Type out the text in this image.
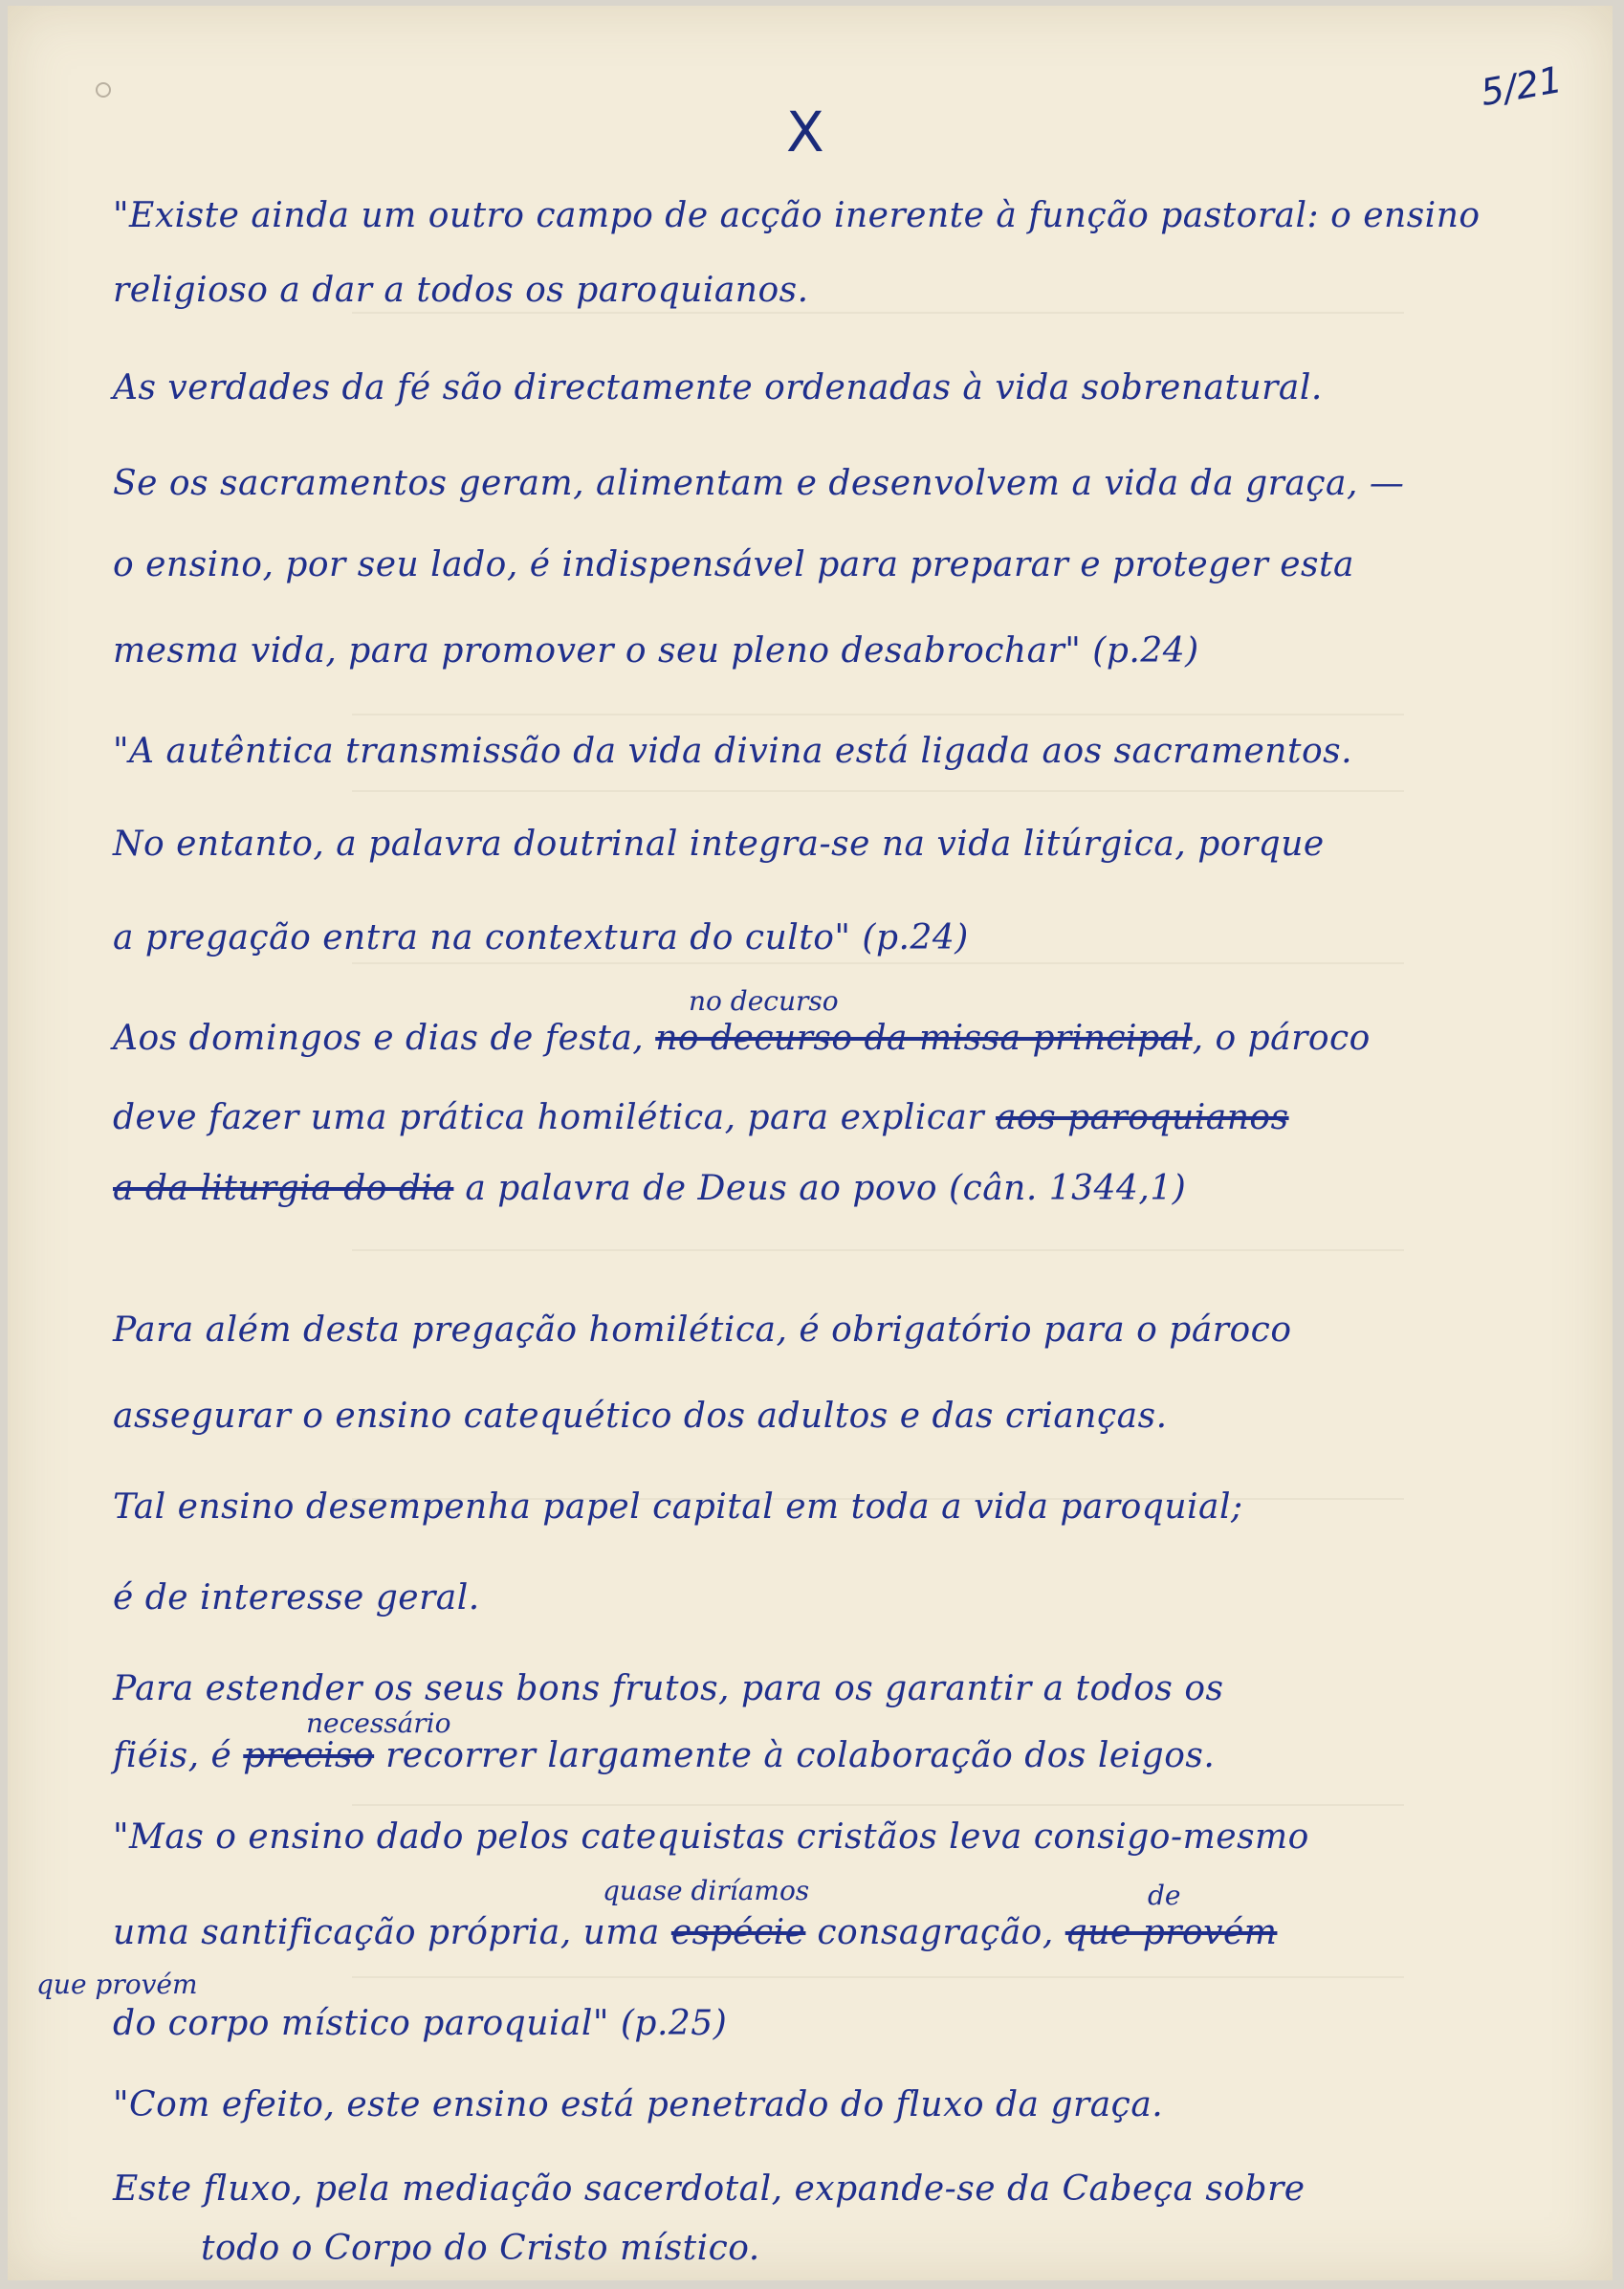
X
5/21
"Existe ainda um outro campo de acção inerente à função pastoral: o ensino
religioso a dar a todos os paroquianos.
As verdades da fé são directamente ordenadas à vida sobrenatural.
Se os sacramentos geram, alimentam e desenvolvem a vida da graça, —
o ensino, por seu lado, é indispensável para preparar e proteger esta
mesma vida, para promover o seu pleno desabrochar" (p.24)
"A autêntica transmissão da vida divina está ligada aos sacramentos.
No entanto, a palavra doutrinal integra-se na vida litúrgica, porque
a pregação entra na contextura do culto" (p.24)
no decurso
Aos domingos e dias de festa, no decurso da missa principal, o pároco
deve fazer uma prática homilética, para explicar aos paroquianos
a da liturgia do dia a palavra de Deus ao povo (cân. 1344,1)
Para além desta pregação homilética, é obrigatório para o pároco
assegurar o ensino catequético dos adultos e das crianças.
Tal ensino desempenha papel capital em toda a vida paroquial;
é de interesse geral.
Para estender os seus bons frutos, para os garantir a todos os
necessário
fiéis, é preciso recorrer largamente à colaboração dos leigos.
"Mas o ensino dado pelos catequistas cristãos leva consigo-mesmo
quase diríamos	de
uma santificação própria, uma espécie consagração, que provém
que provém
do corpo místico paroquial" (p.25)
"Com efeito, este ensino está penetrado do fluxo da graça.
Este fluxo, pela mediação sacerdotal, expande-se da Cabeça sobre
todo o Corpo do Cristo místico.
